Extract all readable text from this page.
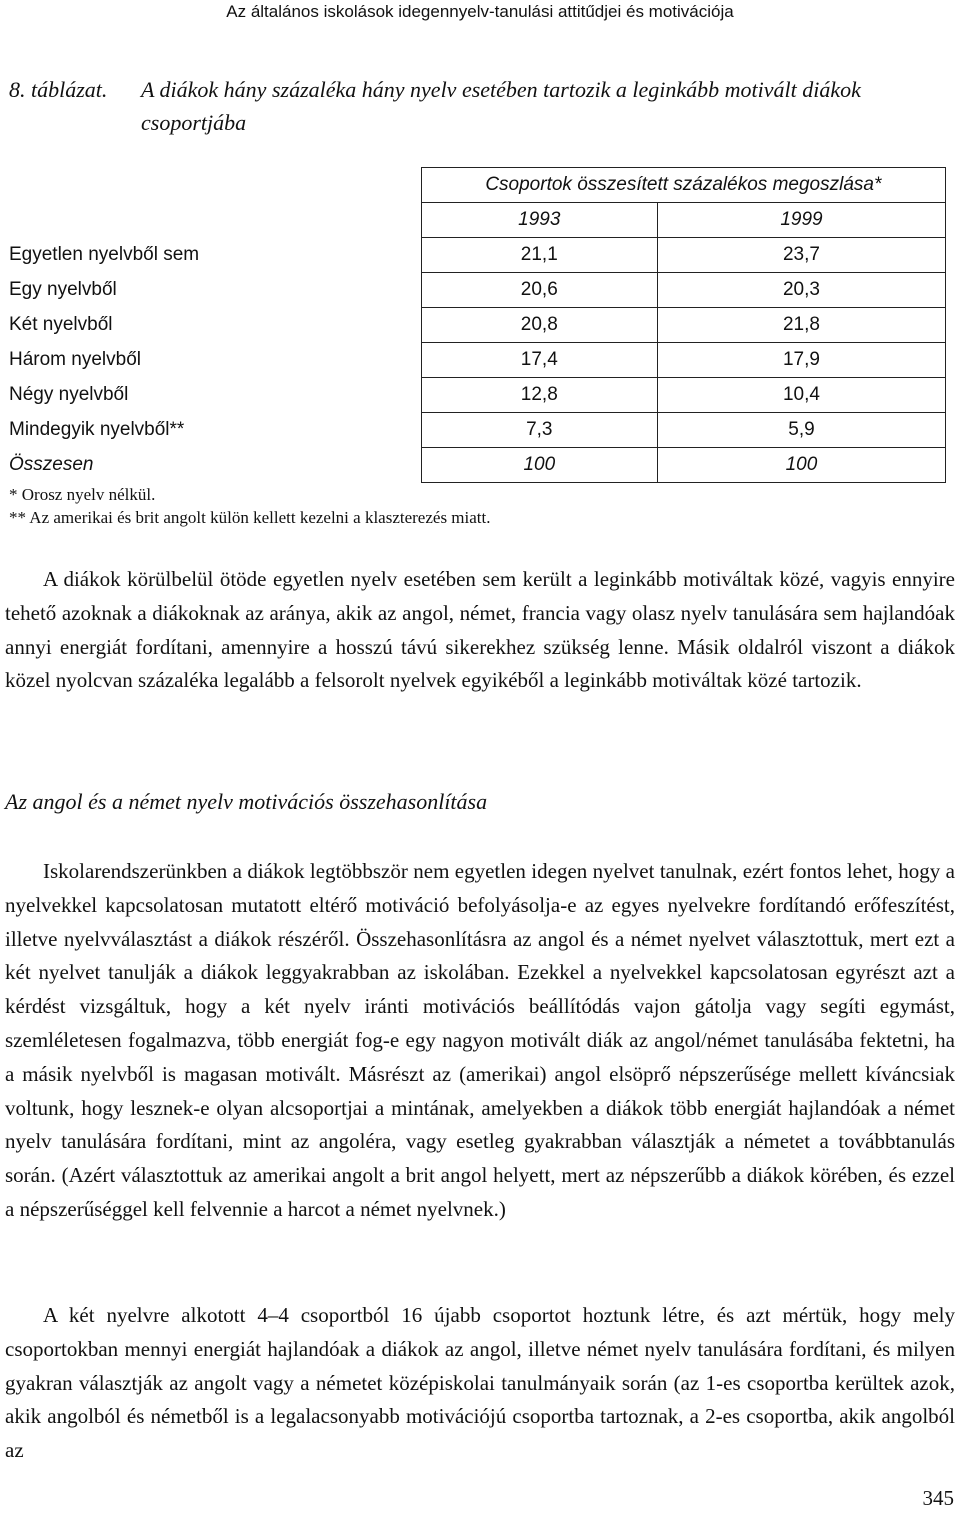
Az általános iskolások idegennyelv-tanulási attitűdjei és motivációja
8. táblázat. A diákok hány százaléka hány nyelv esetében tartozik a leginkább motivált diákok csoportjába
	Csoportok összesített százalékos megoszlása*	
	1993	1999
Egyetlen nyelvből sem	21,1	23,7
Egy nyelvből	20,6	20,3
Két nyelvből	20,8	21,8
Három nyelvből	17,4	17,9
Négy nyelvből	12,8	10,4
Mindegyik nyelvből**	7,3	5,9
Összesen	100	100
* Orosz nyelv nélkül.
** Az amerikai és brit angolt külön kellett kezelni a klaszterezés miatt.

A diákok körülbelül ötöde egyetlen nyelv esetében sem került a leginkább motiváltak közé, vagyis ennyire tehető azoknak a diákoknak az aránya, akik az angol, német, francia vagy olasz nyelv tanulására sem hajlandóak annyi energiát fordítani, amennyire a hosszú távú sikerekhez szükség lenne. Másik oldalról viszont a diákok közel nyolcvan százaléka legalább a felsorolt nyelvek egyikéből a leginkább motiváltak közé tartozik.

Az angol és a német nyelv motivációs összehasonlítása

Iskolarendszerünkben a diákok legtöbbször nem egyetlen idegen nyelvet tanulnak, ezért fontos lehet, hogy a nyelvekkel kapcsolatosan mutatott eltérő motiváció befolyásolja-e az egyes nyelvekre fordítandó erőfeszítést, illetve nyelvválasztást a diákok részéről. Összehasonlításra az angol és a német nyelvet választottuk, mert ezt a két nyelvet tanulják a diákok leggyakrabban az iskolában. Ezekkel a nyelvekkel kapcsolatosan egyrészt azt a kérdést vizsgáltuk, hogy a két nyelv iránti motivációs beállítódás vajon gátolja vagy segíti egymást, szemléletesen fogalmazva, több energiát fog-e egy nagyon motivált diák az angol/német tanulásába fektetni, ha a másik nyelvből is magasan motivált. Másrészt az (amerikai) angol elsöprő népszerűsége mellett kíváncsiak voltunk, hogy lesznek-e olyan alcsoportjai a mintának, amelyekben a diákok több energiát hajlandóak a német nyelv tanulására fordítani, mint az angoléra, vagy esetleg gyakrabban választják a németet a továbbtanulás során. (Azért választottuk az amerikai angolt a brit angol helyett, mert az népszerűbb a diákok körében, és ezzel a népszerűséggel kell felvennie a harcot a német nyelvnek.)

A két nyelvre alkotott 4–4 csoportból 16 újabb csoportot hoztunk létre, és azt mértük, hogy mely csoportokban mennyi energiát hajlandóak a diákok az angol, illetve német nyelv tanulására fordítani, és milyen gyakran választják az angolt vagy a németet középiskolai tanulmányaik során (az 1-es csoportba kerültek azok, akik angolból és németből is a legalacsonyabb motivációjú csoportba tartoznak, a 2-es csoportba, akik angolból az

345
